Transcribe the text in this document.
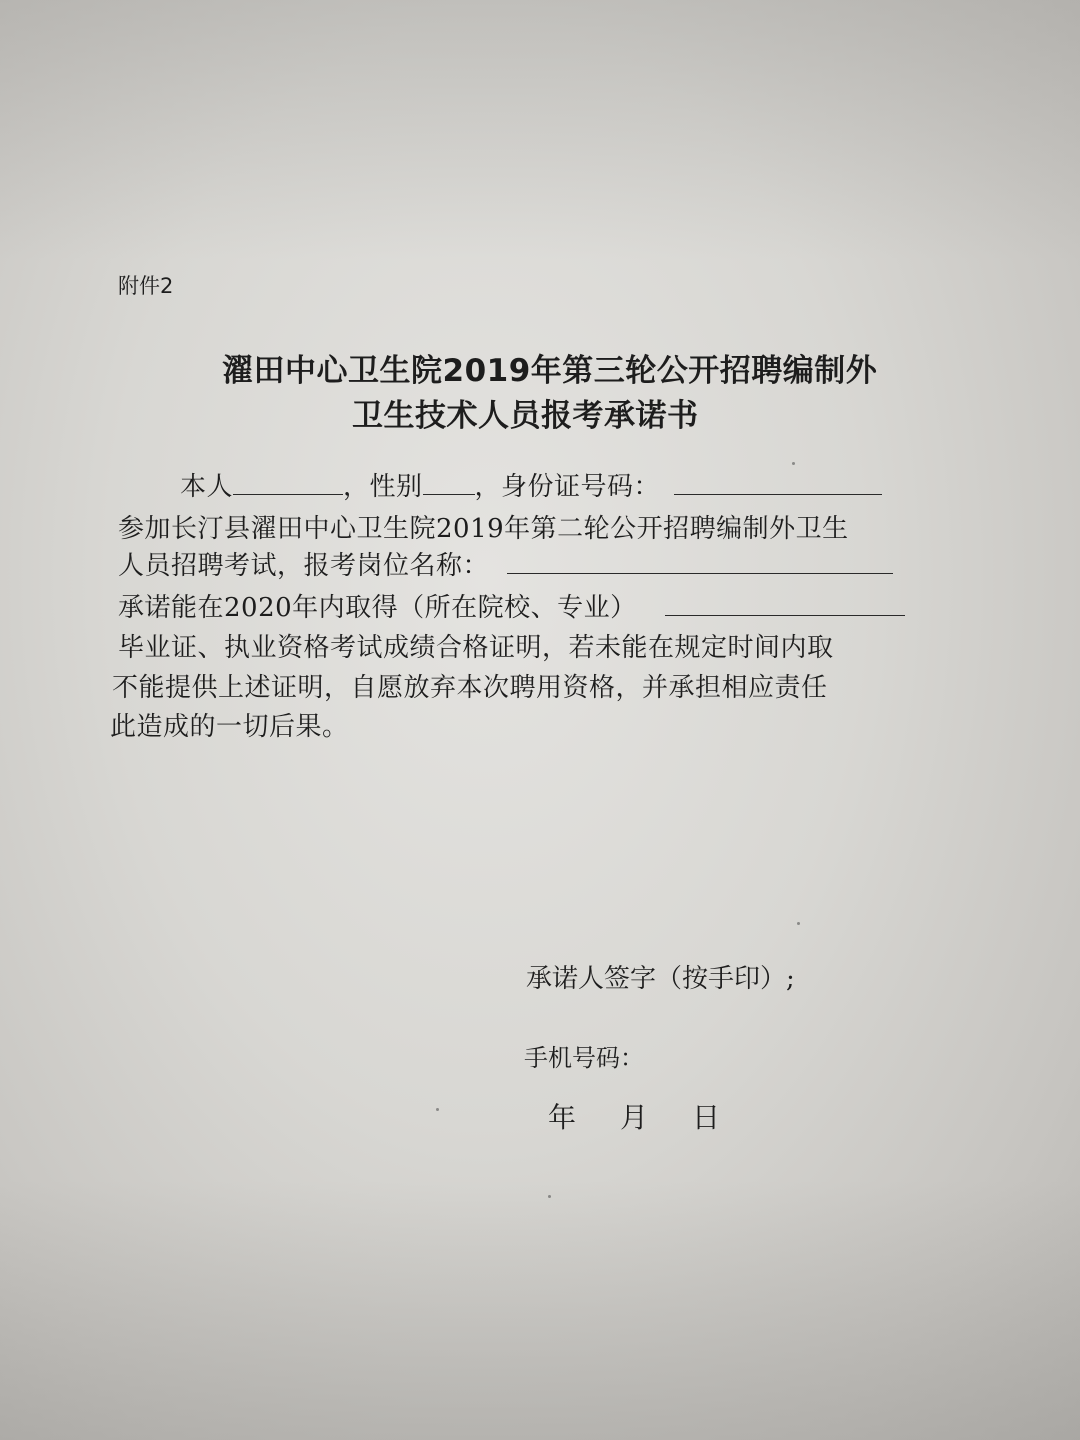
附件2

濯田中心卫生院2019年第三轮公开招聘编制外
卫生技术人员报考承诺书
本人	，性别 ，身份证号码：
参加长汀县濯田中心卫生院2019年第二轮公开招聘编制外卫生
人员招聘考试，报考岗位名称：
承诺能在2020年内取得（所在院校、专业）
毕业证、执业资格考试成绩合格证明，若未能在规定时间内取
不能提供上述证明，自愿放弃本次聘用资格，并承担相应责任
此造成的一切后果。
承诺人签字（按手印）;
手机号码：
年 月 日
